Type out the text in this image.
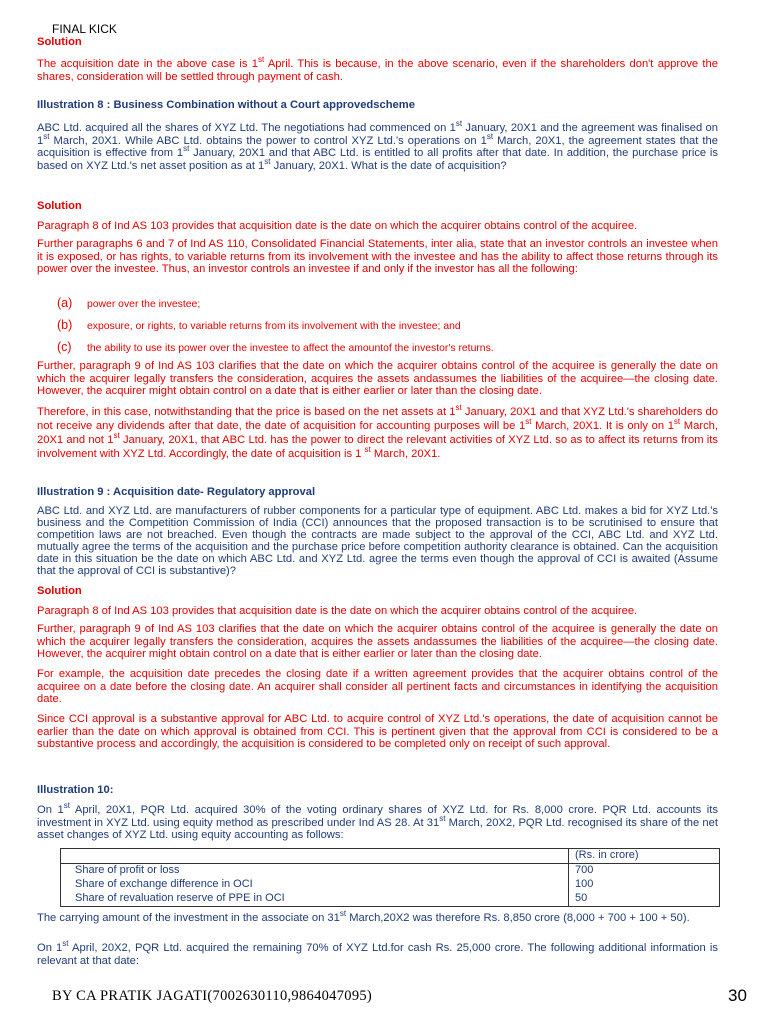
FINAL KICK
Solution
The acquisition date in the above case is 1st April. This is because, in the above scenario, even if the shareholders don't approve the shares, consideration will be settled through payment of cash.
Illustration 8 : Business Combination without a Court approvedscheme
ABC Ltd. acquired all the shares of XYZ Ltd. The negotiations had commenced on 1st January, 20X1 and the agreement was finalised on 1st March, 20X1. While ABC Ltd. obtains the power to control XYZ Ltd.'s operations on 1st March, 20X1, the agreement states that the acquisition is effective from 1st January, 20X1 and that ABC Ltd. is entitled to all profits after that date. In addition, the purchase price is based on XYZ Ltd.'s net asset position as at 1st January, 20X1. What is the date of acquisition?
Solution
Paragraph 8 of Ind AS 103 provides that acquisition date is the date on which the acquirer obtains control of the acquiree.
Further paragraphs 6 and 7 of Ind AS 110, Consolidated Financial Statements, inter alia, state that an investor controls an investee when it is exposed, or has rights, to variable returns from its involvement with the investee and has the ability to affect those returns through its power over the investee. Thus, an investor controls an investee if and only if the investor has all the following:
(a) power over the investee;
(b) exposure, or rights, to variable returns from its involvement with the investee; and
(c) the ability to use its power over the investee to affect the amountof the investor's returns.
Further, paragraph 9 of Ind AS 103 clarifies that the date on which the acquirer obtains control of the acquiree is generally the date on which the acquirer legally transfers the consideration, acquires the assets andassumes the liabilities of the acquiree—the closing date. However, the acquirer might obtain control on a date that is either earlier or later than the closing date.
Therefore, in this case, notwithstanding that the price is based on the net assets at 1st January, 20X1 and that XYZ Ltd.'s shareholders do not receive any dividends after that date, the date of acquisition for accounting purposes will be 1st March, 20X1. It is only on 1st March, 20X1 and not 1st January, 20X1, that ABC Ltd. has the power to direct the relevant activities of XYZ Ltd. so as to affect its returns from its involvement with XYZ Ltd. Accordingly, the date of acquisition is 1 $^{st}$ March, 20X1.
Illustration 9 : Acquisition date- Regulatory approval
ABC Ltd. and XYZ Ltd. are manufacturers of rubber components for a particular type of equipment. ABC Ltd. makes a bid for XYZ Ltd.'s business and the Competition Commission of India (CCI) announces that the proposed transaction is to be scrutinised to ensure that competition laws are not breached. Even though the contracts are made subject to the approval of the CCI, ABC Ltd. and XYZ Ltd. mutually agree the terms of the acquisition and the purchase price before competition authority clearance is obtained. Can the acquisition date in this situation be the date on which ABC Ltd. and XYZ Ltd. agree the terms even though the approval of CCI is awaited (Assume that the approval of CCI is substantive)?
Solution
Paragraph 8 of Ind AS 103 provides that acquisition date is the date on which the acquirer obtains control of the acquiree.
Further, paragraph 9 of Ind AS 103 clarifies that the date on which the acquirer obtains control of the acquiree is generally the date on which the acquirer legally transfers the consideration, acquires the assets andassumes the liabilities of the acquiree—the closing date. However, the acquirer might obtain control on a date that is either earlier or later than the closing date.
For example, the acquisition date precedes the closing date if a written agreement provides that the acquirer obtains control of the acquiree on a date before the closing date. An acquirer shall consider all pertinent facts and circumstances in identifying the acquisition date.
Since CCI approval is a substantive approval for ABC Ltd. to acquire control of XYZ Ltd.'s operations, the date of acquisition cannot be earlier than the date on which approval is obtained from CCI. This is pertinent given that the approval from CCI is considered to be a substantive process and accordingly, the acquisition is considered to be completed only on receipt of such approval.
Illustration 10:
On 1st April, 20X1, PQR Ltd. acquired 30% of the voting ordinary shares of XYZ Ltd. for Rs. 8,000 crore. PQR Ltd. accounts its investment in XYZ Ltd. using equity method as prescribed under Ind AS 28. At 31st March, 20X2, PQR Ltd. recognised its share of the net asset changes of XYZ Ltd. using equity accounting as follows:
	(Rs. in crore)
Share of profit or loss	700
Share of exchange difference in OCI	100
Share of revaluation reserve of PPE in OCI	50
The carrying amount of the investment in the associate on 31st March,20X2 was therefore Rs. 8,850 crore (8,000 + 700 + 100 + 50).
On 1st April, 20X2, PQR Ltd. acquired the remaining 70% of XYZ Ltd.for cash Rs. 25,000 crore. The following additional information is relevant at that date:
BY CA PRATIK JAGATI(7002630110,9864047095)	30
